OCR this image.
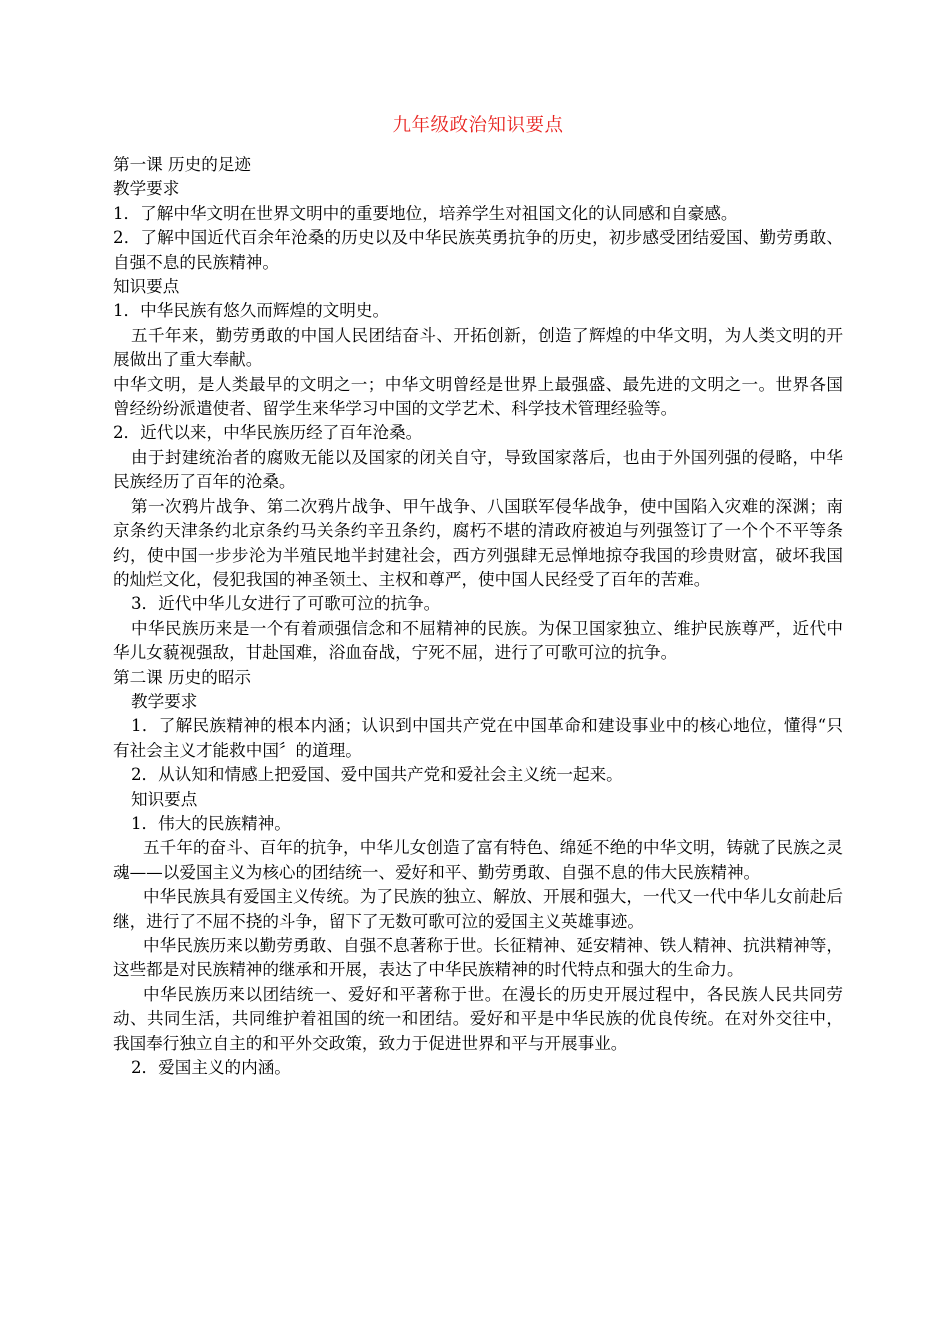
九年级政治知识要点

第一课 历史的足迹

教学要求

1．了解中华文明在世界文明中的重要地位，培养学生对祖国文化的认同感和自豪感。

2．了解中国近代百余年沧桑的历史以及中华民族英勇抗争的历史，初步感受团结爱国、勤劳勇敢、自强不息的民族精神。

知识要点

1．中华民族有悠久而辉煌的文明史。

五千年来，勤劳勇敢的中国人民团结奋斗、开拓创新，创造了辉煌的中华文明，为人类文明的开展做出了重大奉献。

中华文明，是人类最早的文明之一；中华文明曾经是世界上最强盛、最先进的文明之一。世界各国曾经纷纷派遣使者、留学生来华学习中国的文学艺术、科学技术管理经验等。

2．近代以来，中华民族历经了百年沧桑。

由于封建统治者的腐败无能以及国家的闭关自守，导致国家落后，也由于外国列强的侵略，中华民族经历了百年的沧桑。

第一次鸦片战争、第二次鸦片战争、甲午战争、八国联军侵华战争，使中国陷入灾难的深渊；南京条约天津条约北京条约马关条约辛丑条约，腐朽不堪的清政府被迫与列强签订了一个个不平等条约，使中国一步步沦为半殖民地半封建社会，西方列强肆无忌惮地掠夺我国的珍贵财富，破坏我国的灿烂文化，侵犯我国的神圣领土、主权和尊严，使中国人民经受了百年的苦难。

3．近代中华儿女进行了可歌可泣的抗争。

中华民族历来是一个有着顽强信念和不屈精神的民族。为保卫国家独立、维护民族尊严，近代中华儿女藐视强敌，甘赴国难，浴血奋战，宁死不屈，进行了可歌可泣的抗争。

第二课 历史的昭示

教学要求

1．了解民族精神的根本内涵；认识到中国共产党在中国革命和建设事业中的核心地位，懂得“只有社会主义才能救中国〞的道理。

2．从认知和情感上把爱国、爱中国共产党和爱社会主义统一起来。

知识要点

1．伟大的民族精神。

五千年的奋斗、百年的抗争，中华儿女创造了富有特色、绵延不绝的中华文明，铸就了民族之灵魂——以爱国主义为核心的团结统一、爱好和平、勤劳勇敢、自强不息的伟大民族精神。

中华民族具有爱国主义传统。为了民族的独立、解放、开展和强大，一代又一代中华儿女前赴后继，进行了不屈不挠的斗争，留下了无数可歌可泣的爱国主义英雄事迹。

中华民族历来以勤劳勇敢、自强不息著称于世。长征精神、延安精神、铁人精神、抗洪精神等，这些都是对民族精神的继承和开展，表达了中华民族精神的时代特点和强大的生命力。

中华民族历来以团结统一、爱好和平著称于世。在漫长的历史开展过程中，各民族人民共同劳动、共同生活，共同维护着祖国的统一和团结。爱好和平是中华民族的优良传统。在对外交往中，我国奉行独立自主的和平外交政策，致力于促进世界和平与开展事业。

2．爱国主义的内涵。
